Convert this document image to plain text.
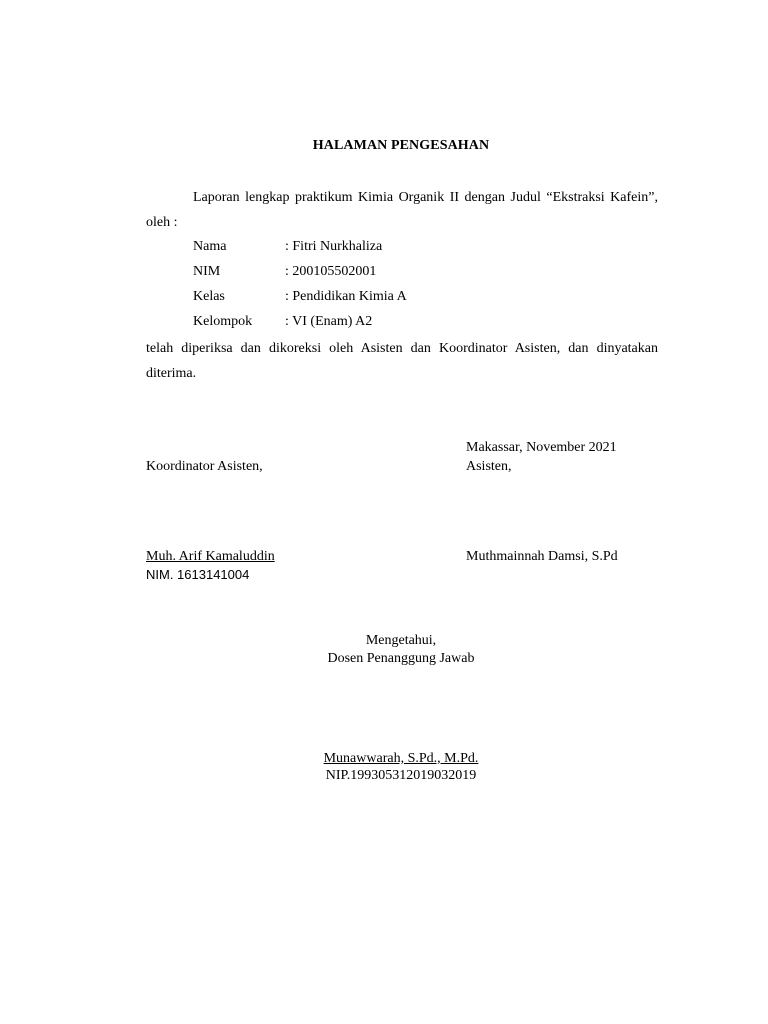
HALAMAN PENGESAHAN
Laporan lengkap praktikum Kimia Organik II dengan Judul “Ekstraksi Kafein”, oleh :
Nama	: Fitri Nurkhaliza
NIM	: 200105502001
Kelas	: Pendidikan Kimia A
Kelompok : VI (Enam) A2
telah diperiksa dan dikoreksi oleh Asisten dan Koordinator Asisten, dan dinyatakan diterima.
Makassar, November 2021
Koordinator Asisten,	Asisten,
Muh. Arif Kamaluddin
NIM. 1613141004
Muthmainnah Damsi, S.Pd
Mengetahui,
Dosen Penanggung Jawab
Munawwarah, S.Pd., M.Pd.
NIP.199305312019032019
